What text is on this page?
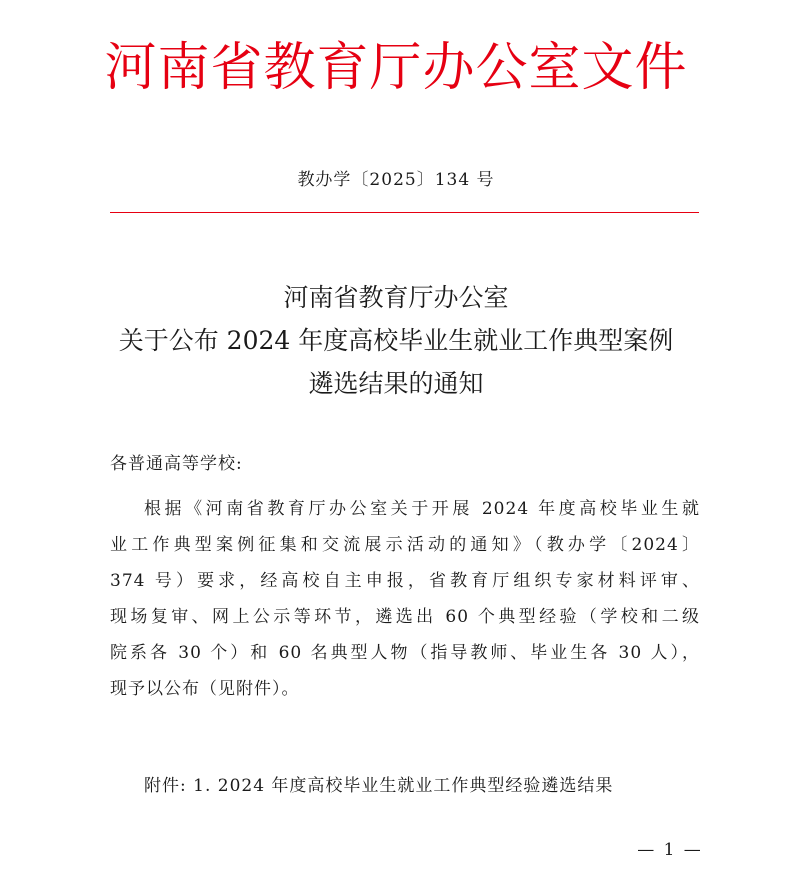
河南省教育厅办公室文件
教办学〔2025〕134 号
河南省教育厅办公室
关于公布 2024 年度高校毕业生就业工作典型案例
遴选结果的通知
各普通高等学校:
根据《河南省教育厅办公室关于开展 2024 年度高校毕业生就
业工作典型案例征集和交流展示活动的通知》（教办学〔2024〕
374 号）要求，经高校自主申报，省教育厅组织专家材料评审、
现场复审、网上公示等环节，遴选出 60 个典型经验（学校和二级
院系各 30 个）和 60 名典型人物（指导教师、毕业生各 30 人），
现予以公布（见附件）。
附件: 1. 2024 年度高校毕业生就业工作典型经验遴选结果
— 1 —
